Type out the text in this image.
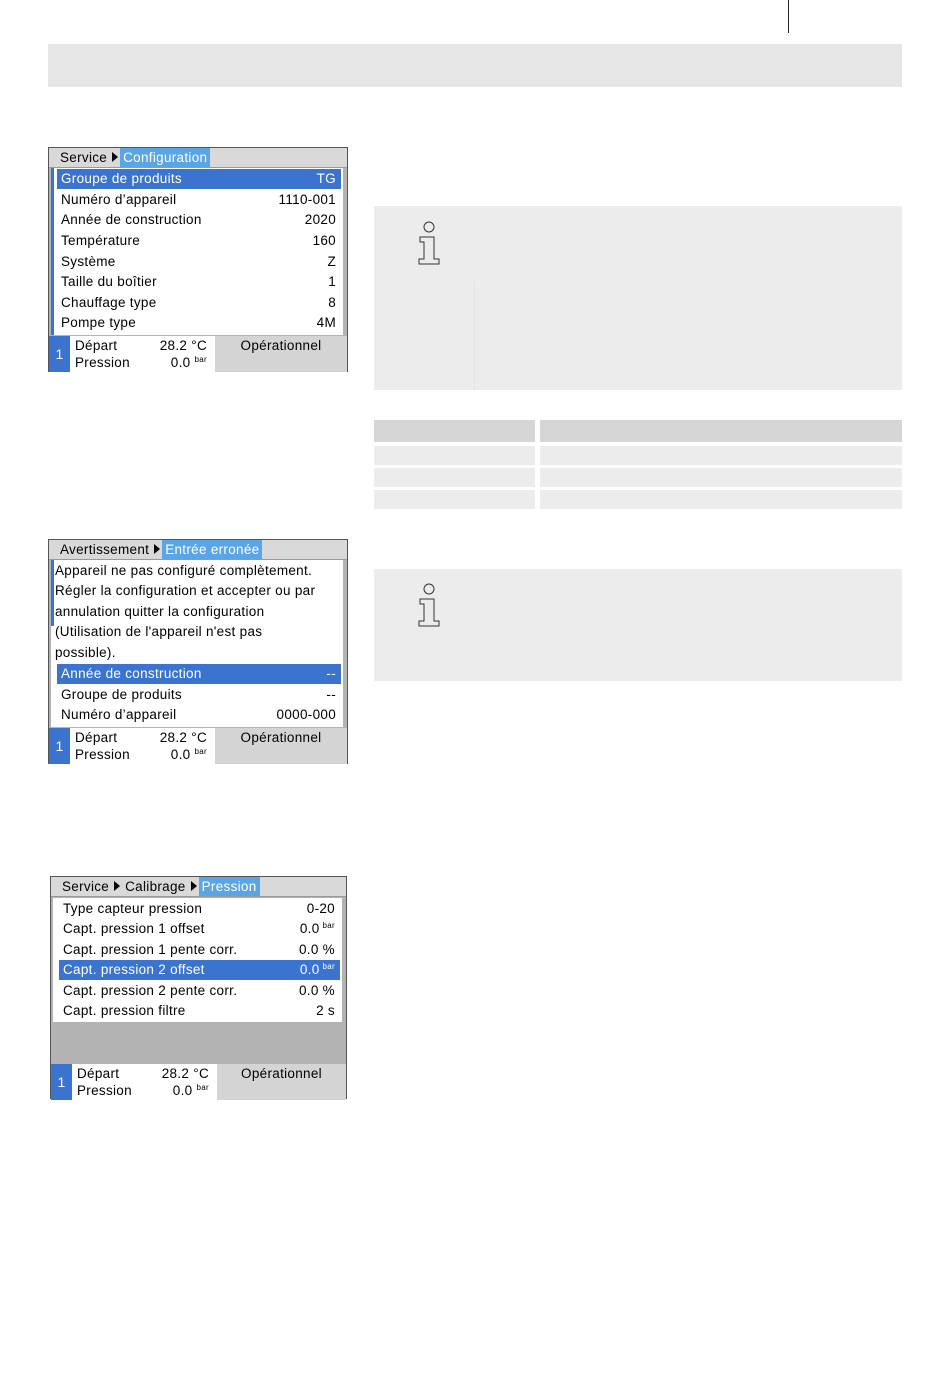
Service Configuration
Groupe de produits	TG
Numéro d’appareil	1110-001
Année de construction	2020
Température	160
Système	Z
Taille du boîtier	1
Chauffage type	8
Pompe type	4M
1
Départ	28.2 °C
Pression	0.0 $^{bar}$
Opérationnel
Avertissement Entrée erronée
Appareil ne pas configuré complètement.
Régler la configuration et accepter ou par
annulation quitter la configuration
(Utilisation de l'appareil n'est pas
possible).
Année de construction	--
Groupe de produits	--
Numéro d’appareil	0000-000
1
Départ	28.2 °C
Pression	0.0 $^{bar}$
Opérationnel
Service Calibrage Pression
Type capteur pression	0-20
Capt. pression 1 offset	0.0 $^{bar}$
Capt. pression 1 pente corr.	0.0 %
Capt. pression 2 offset	0.0 $^{bar}$
Capt. pression 2 pente corr.	0.0 %
Capt. pression filtre	2 s
1
Départ	28.2 °C
Pression	0.0 $^{bar}$
Opérationnel
